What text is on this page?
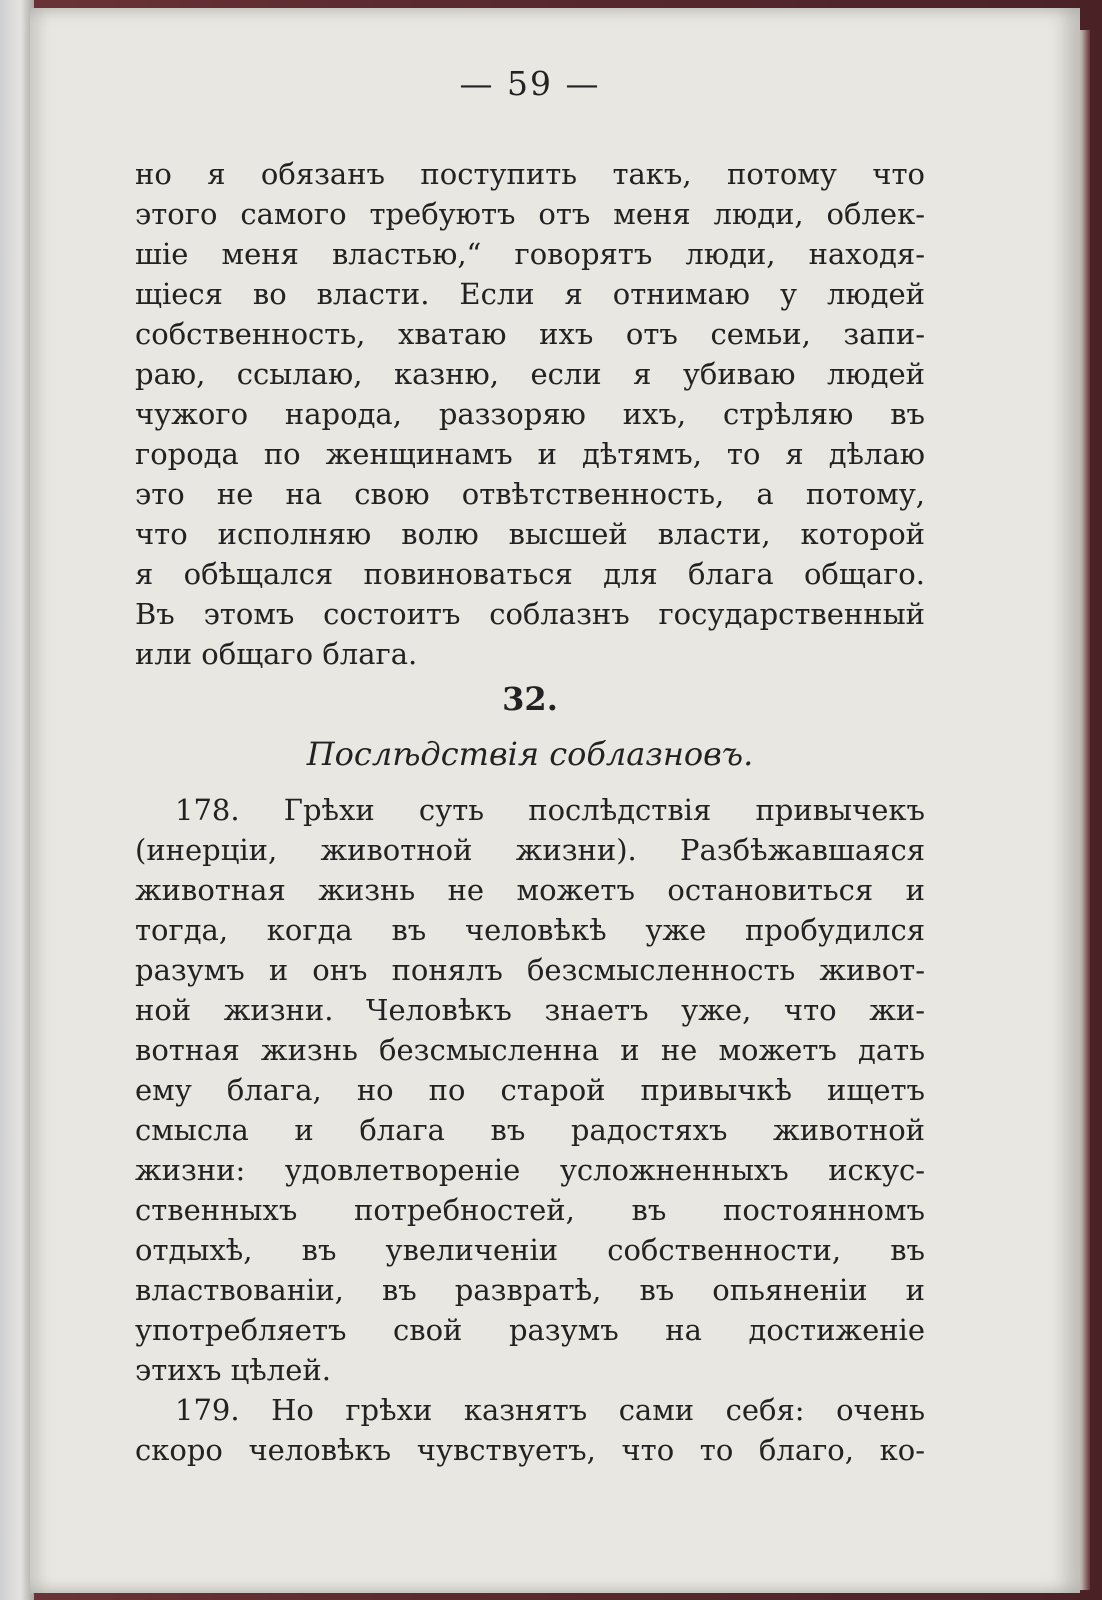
— 59 —
но я обязанъ поступить такъ, потому что
этого самого требуютъ отъ меня люди, облек-
шіе меня властью,“ говорятъ люди, находя-
щіеся во власти. Если я отнимаю у людей
собственность, хватаю ихъ отъ семьи, запи-
раю, ссылаю, казню, если я убиваю людей
чужого народа, раззоряю ихъ, стрѣляю въ
города по женщинамъ и дѣтямъ, то я дѣлаю
это не на свою отвѣтственность, а потому,
что исполняю волю высшей власти, которой
я обѣщался повиноваться для блага общаго.
Въ этомъ состоитъ соблазнъ государственный
или общаго блага.
32.
Послѣдствія соблазновъ.
178. Грѣхи суть послѣдствія привычекъ
(инерціи, животной жизни). Разбѣжавшаяся
животная жизнь не можетъ остановиться и
тогда, когда въ человѣкѣ уже пробудился
разумъ и онъ понялъ безсмысленность живот-
ной жизни. Человѣкъ знаетъ уже, что жи-
вотная жизнь безсмысленна и не можетъ дать
ему блага, но по старой привычкѣ ищетъ
смысла и блага въ радостяхъ животной
жизни: удовлетвореніе усложненныхъ искус-
ственныхъ потребностей, въ постоянномъ
отдыхѣ, въ увеличеніи собственности, въ
властвованіи, въ развратѣ, въ опьяненіи и
употребляетъ свой разумъ на достиженіе
этихъ цѣлей.
179. Но грѣхи казнятъ сами себя: очень
скоро человѣкъ чувствуетъ, что то благо, ко-
